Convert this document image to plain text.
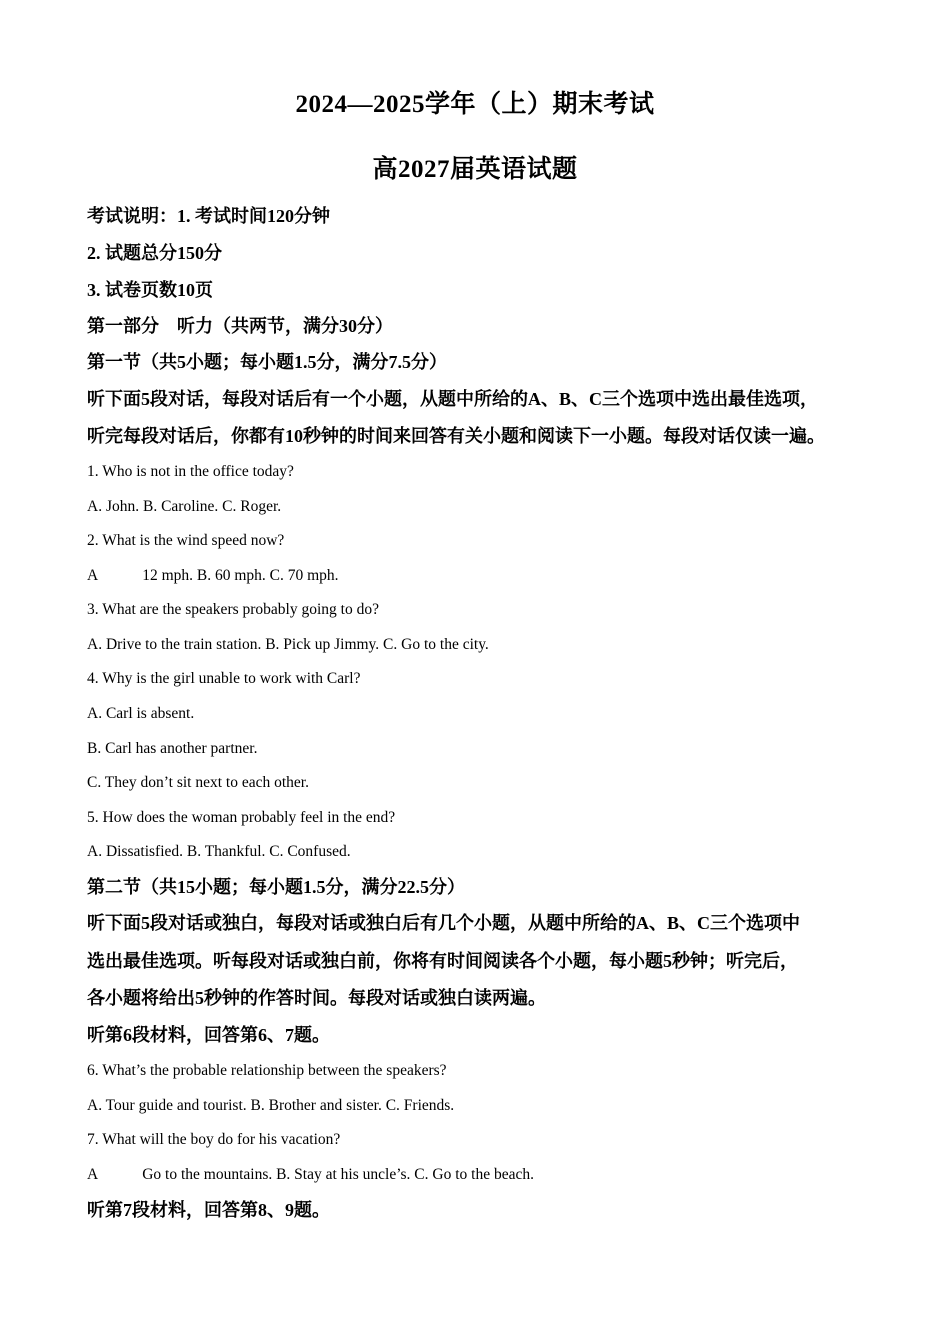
2024—2025学年（上）期末考试
高2027届英语试题
考试说明：1. 考试时间120分钟
2. 试题总分150分
3. 试卷页数10页
第一部分　听力（共两节，满分30分）
第一节（共5小题；每小题1.5分，满分7.5分）
听下面5段对话，每段对话后有一个小题，从题中所给的A、B、C三个选项中选出最佳选项，
听完每段对话后，你都有10秒钟的时间来回答有关小题和阅读下一小题。每段对话仅读一遍。
1. Who is not in the office today?
A. John. B. Caroline. C. Roger.
2. What is the wind speed now?
A	12 mph. B. 60 mph. C. 70 mph.
3. What are the speakers probably going to do?
A. Drive to the train station. B. Pick up Jimmy. C. Go to the city.
4. Why is the girl unable to work with Carl?
A. Carl is absent.
B. Carl has another partner.
C. They don’t sit next to each other.
5. How does the woman probably feel in the end?
A. Dissatisfied. B. Thankful. C. Confused.
第二节（共15小题；每小题1.5分，满分22.5分）
听下面5段对话或独白，每段对话或独白后有几个小题，从题中所给的A、B、C三个选项中
选出最佳选项。听每段对话或独白前，你将有时间阅读各个小题，每小题5秒钟；听完后，
各小题将给出5秒钟的作答时间。每段对话或独白读两遍。
听第6段材料，回答第6、7题。
6. What’s the probable relationship between the speakers?
A. Tour guide and tourist. B. Brother and sister. C. Friends.
7. What will the boy do for his vacation?
A	Go to the mountains. B. Stay at his uncle’s. C. Go to the beach.
听第7段材料，回答第8、9题。
